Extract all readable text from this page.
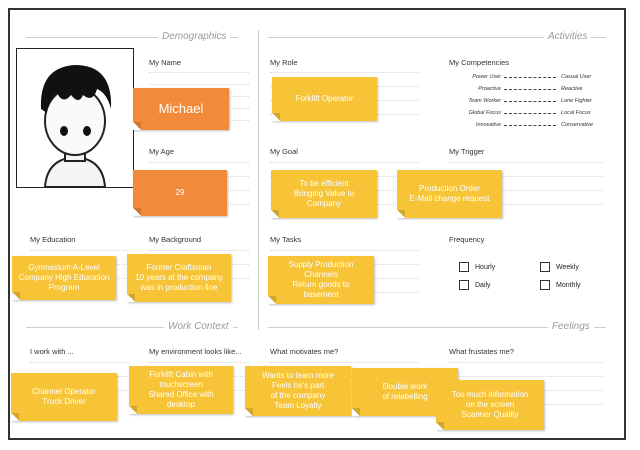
Demographics	Activities
Work Context	Feelings
My Name
Michael
My Age
29
My Education
Gymnasium A-Level
Company High Education
Program
My Background
Former Craftsman
10 years at the company
was in production line
My Role
Forklift Operator
My Goal
To be efficient
Bringing Value to
Company
My Tasks
Supply Production
Channels
Return goods to
basement
My Competencies
Power User	Casual User
Proactive	Reactive
Team Worker	Lone Fighter
Global Focus	Local Focus
Innovative	Conservative
My Trigger
Production Order
E-Mail change request
Frequency
Hourly	Weekly
Daily	Monthly
I work with ...
Channel Operator
Truck Driver
My environment looks like...
Forklift Cabin with
touchscreen
Shared Office with
desktop
What motivates me?
Wants to learn more
Feels he's part
of the company
Team Loyalty
What frustates me?
Double work
of relabelling	Too much information
on the screen
Scanner Quality
